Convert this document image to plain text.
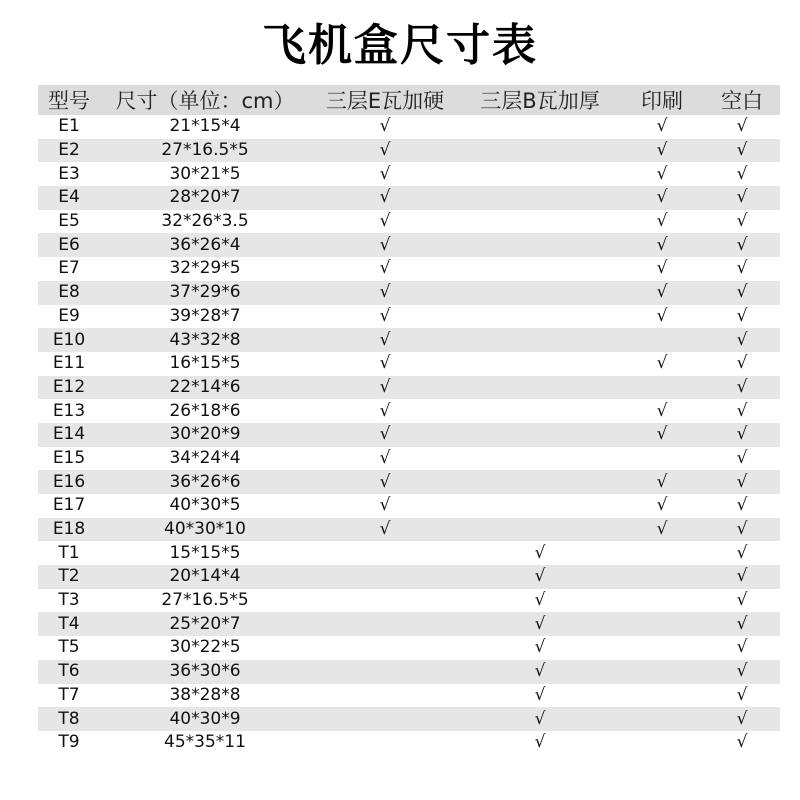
飞机盒尺寸表
型号	尺寸（单位：cm）	三层E瓦加硬	三层B瓦加厚	印刷	空白
E1	21*15*4	√		√	√
E2	27*16.5*5	√		√	√
E3	30*21*5	√		√	√
E4	28*20*7	√		√	√
E5	32*26*3.5	√		√	√
E6	36*26*4	√		√	√
E7	32*29*5	√		√	√
E8	37*29*6	√		√	√
E9	39*28*7	√		√	√
E10	43*32*8	√			√
E11	16*15*5	√		√	√
E12	22*14*6	√			√
E13	26*18*6	√		√	√
E14	30*20*9	√		√	√
E15	34*24*4	√			√
E16	36*26*6	√		√	√
E17	40*30*5	√		√	√
E18	40*30*10	√		√	√
T1	15*15*5		√		√
T2	20*14*4		√		√
T3	27*16.5*5		√		√
T4	25*20*7		√		√
T5	30*22*5		√		√
T6	36*30*6		√		√
T7	38*28*8		√		√
T8	40*30*9		√		√
T9	45*35*11		√		√
